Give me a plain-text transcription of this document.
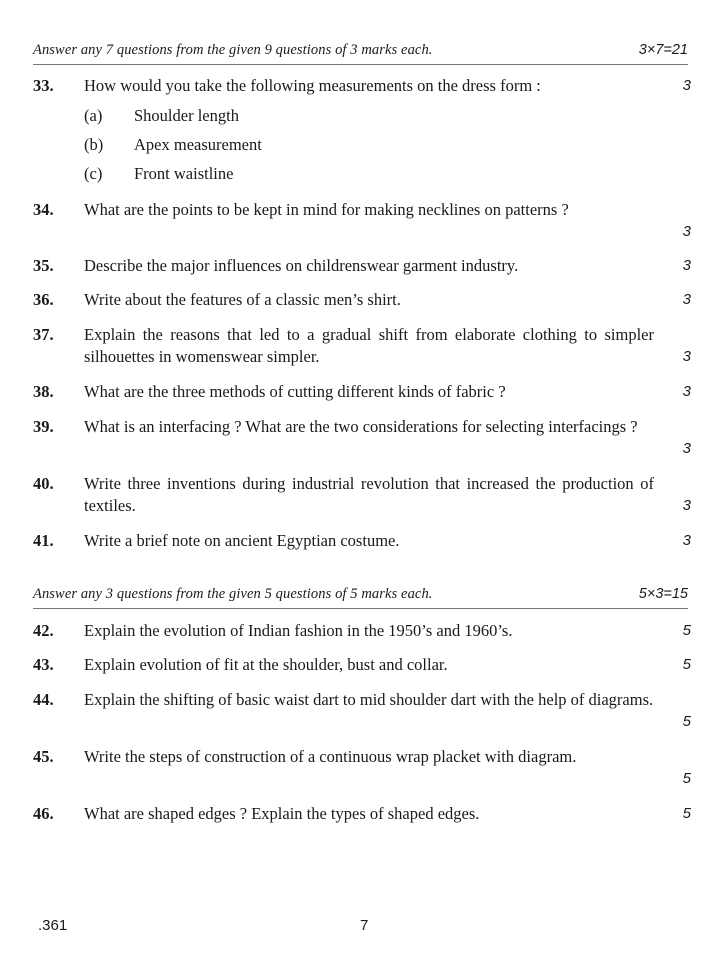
Answer any 7 questions from the given 9 questions of 3 marks each.	3×7=21
33. How would you take the following measurements on the dress form :	3
(a) Shoulder length
(b) Apex measurement
(c) Front waistline
34. What are the points to be kept in mind for making necklines on patterns ?
3
35. Describe the major influences on childrenswear garment industry.	3
36. Write about the features of a classic men’s shirt.	3
37. Explain the reasons that led to a gradual shift from elaborate clothing to simpler silhouettes in womenswear simpler.	3
38. What are the three methods of cutting different kinds of fabric ?	3
39. What is an interfacing ? What are the two considerations for selecting interfacings ?
3
40. Write three inventions during industrial revolution that increased the production of textiles.	3
41. Write a brief note on ancient Egyptian costume.	3
Answer any 3 questions from the given 5 questions of 5 marks each.	5×3=15
42. Explain the evolution of Indian fashion in the 1950’s and 1960’s.	5
43. Explain evolution of fit at the shoulder, bust and collar.	5
44. Explain the shifting of basic waist dart to mid shoulder dart with the help of diagrams.
5
45. Write the steps of construction of a continuous wrap placket with diagram.
5
46. What are shaped edges ? Explain the types of shaped edges.	5
.361	7
